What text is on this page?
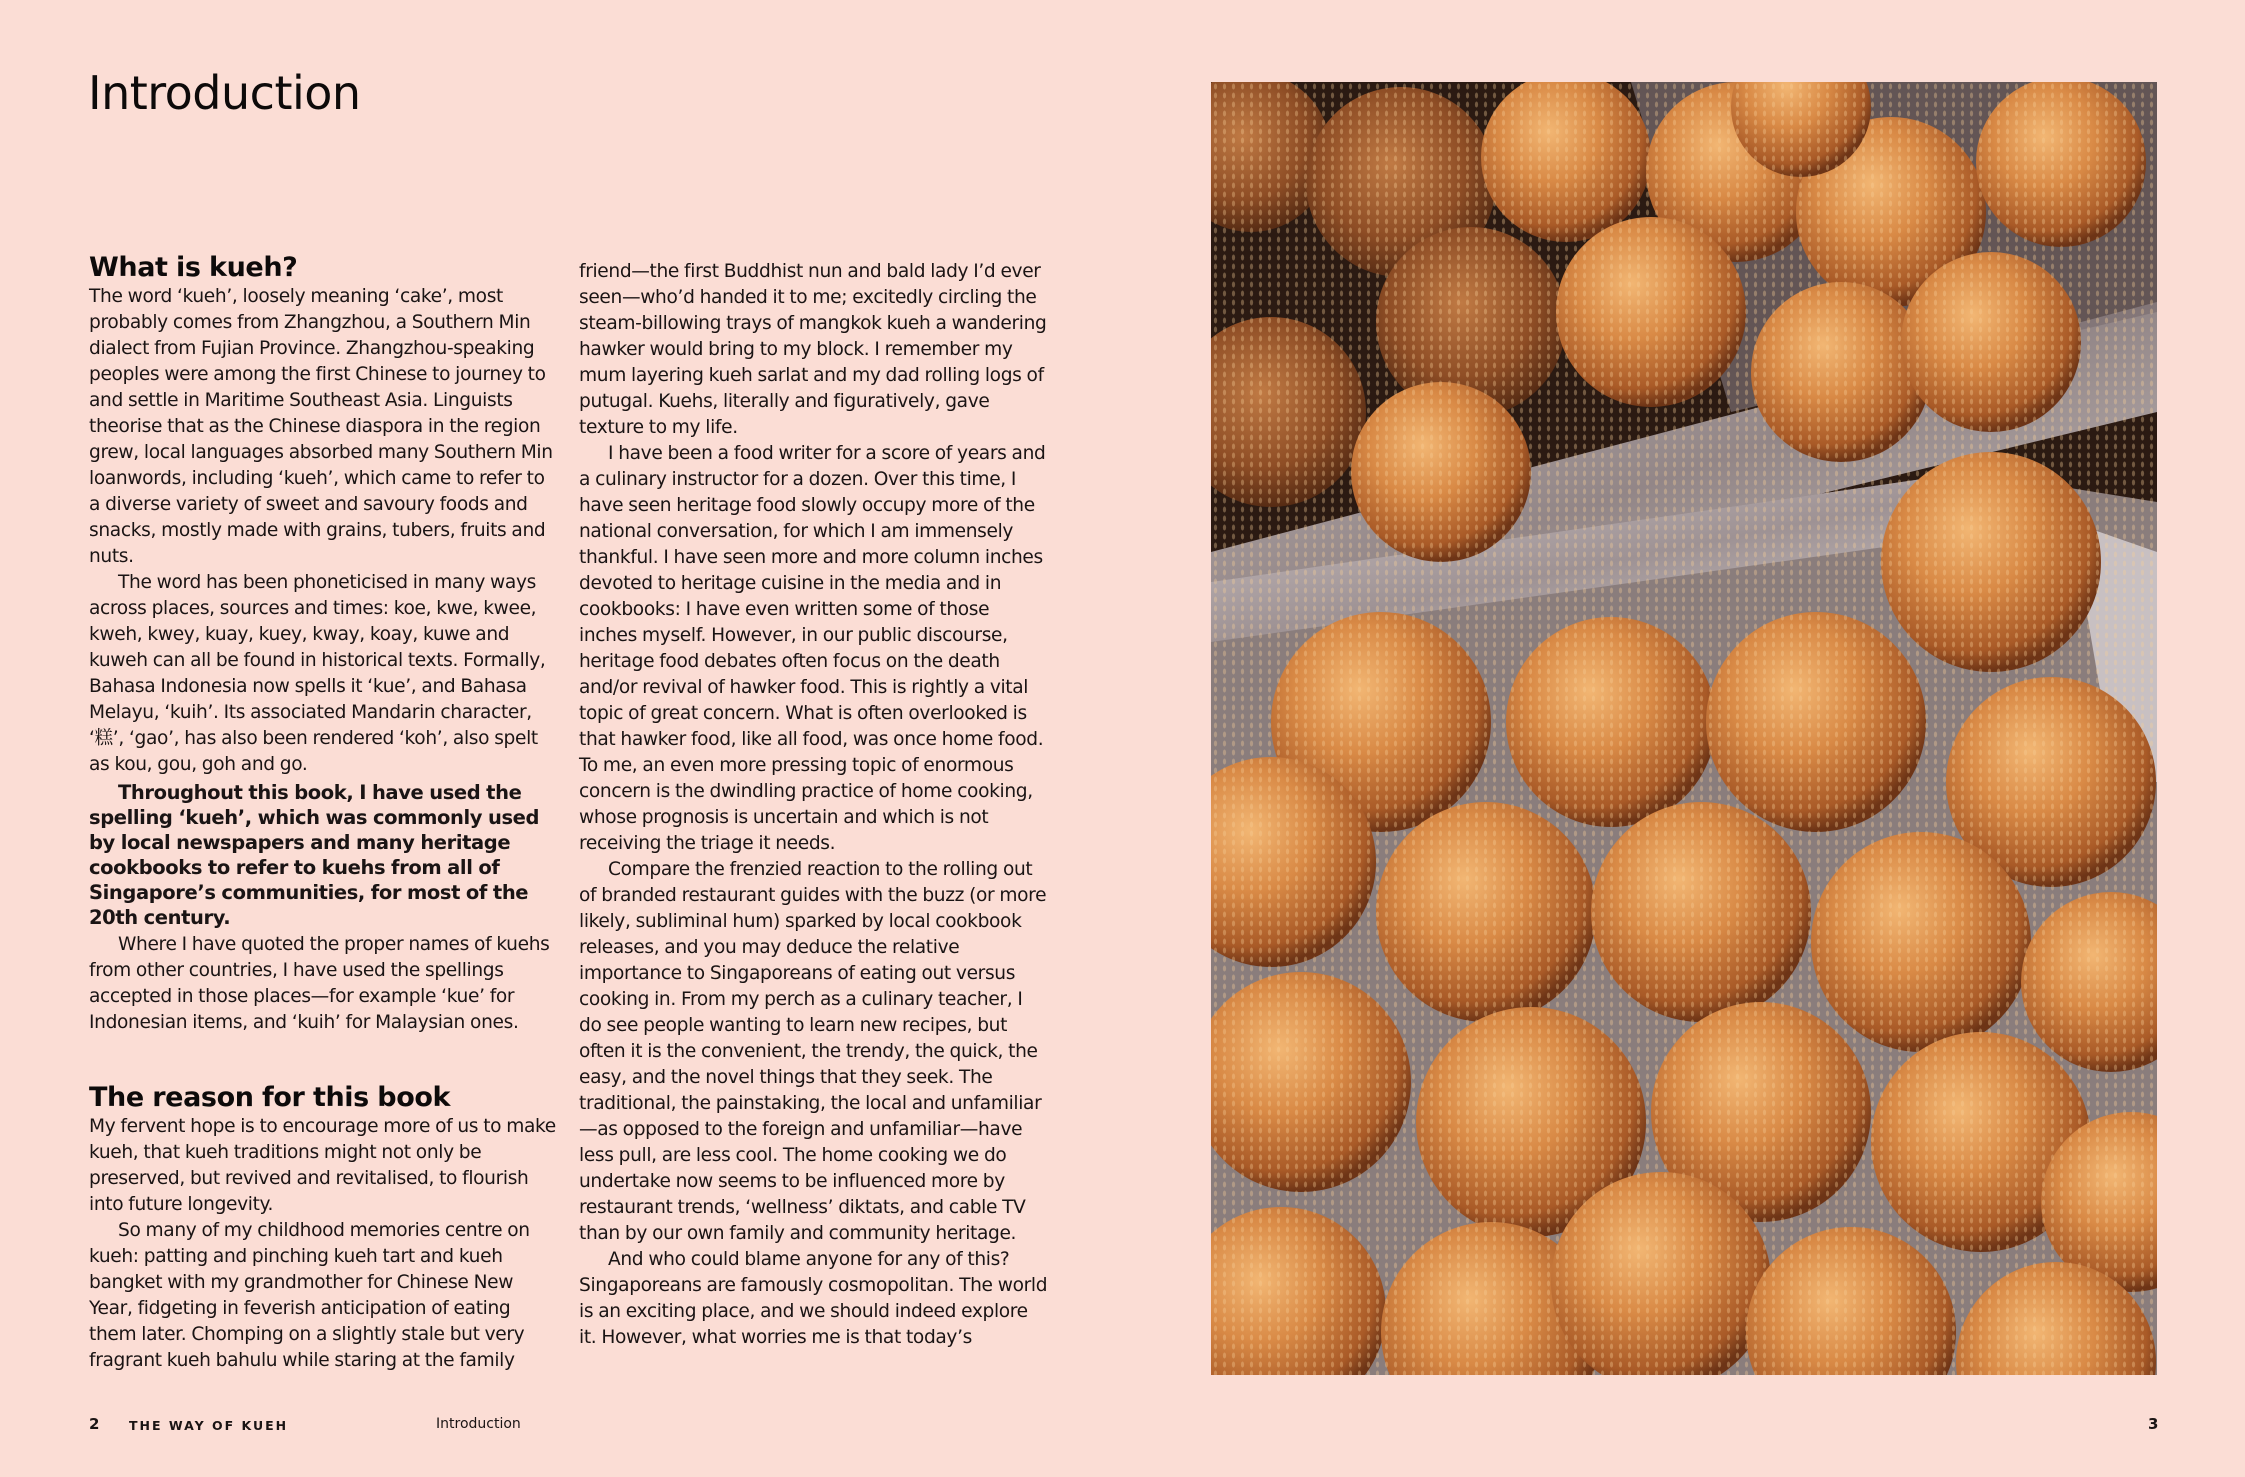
Introduction
What is kueh?

The word ‘kueh’, loosely meaning ‘cake’, most probably comes from Zhangzhou, a Southern Min dialect from Fujian Province. Zhangzhou-speaking peoples were among the first Chinese to journey to and settle in Maritime Southeast Asia. Linguists theorise that as the Chinese diaspora in the region grew, local languages absorbed many Southern Min loanwords, including ‘kueh’, which came to refer to a diverse variety of sweet and savoury foods and snacks, mostly made with grains, tubers, fruits and nuts.

The word has been phoneticised in many ways across places, sources and times: koe, kwe, kwee, kweh, kwey, kuay, kuey, kway, koay, kuwe and kuweh can all be found in historical texts. Formally, Bahasa Indonesia now spells it ‘kue’, and Bahasa Melayu, ‘kuih’. Its associated Mandarin character, ‘糕’, ‘gao’, has also been rendered ‘koh’, also spelt as kou, gou, goh and go.

Throughout this book, I have used the spelling ‘kueh’, which was commonly used by local newspapers and many heritage cookbooks to refer to kuehs from all of Singapore’s communities, for most of the 20th century.

Where I have quoted the proper names of kuehs from other countries, I have used the spellings accepted in those places—for example ‘kue’ for Indonesian items, and ‘kuih’ for Malaysian ones.

The reason for this book

My fervent hope is to encourage more of us to make kueh, that kueh traditions might not only be preserved, but revived and revitalised, to flourish into future longevity.

So many of my childhood memories centre on kueh: patting and pinching kueh tart and kueh bangket with my grandmother for Chinese New Year, fidgeting in feverish anticipation of eating them later. Chomping on a slightly stale but very fragrant kueh bahulu while staring at the family

friend—the first Buddhist nun and bald lady I’d ever seen—who’d handed it to me; excitedly circling the steam-billowing trays of mangkok kueh a wandering hawker would bring to my block. I remember my mum layering kueh sarlat and my dad rolling logs of putugal. Kuehs, literally and figuratively, gave texture to my life.

I have been a food writer for a score of years and a culinary instructor for a dozen. Over this time, I have seen heritage food slowly occupy more of the national conversation, for which I am immensely thankful. I have seen more and more column inches devoted to heritage cuisine in the media and in cookbooks: I have even written some of those inches myself. However, in our public discourse, heritage food debates often focus on the death and/or revival of hawker food. This is rightly a vital topic of great concern. What is often overlooked is that hawker food, like all food, was once home food. To me, an even more pressing topic of enormous concern is the dwindling practice of home cooking, whose prognosis is uncertain and which is not receiving the triage it needs.

Compare the frenzied reaction to the rolling out of branded restaurant guides with the buzz (or more likely, subliminal hum) sparked by local cookbook releases, and you may deduce the relative importance to Singaporeans of eating out versus cooking in. From my perch as a culinary teacher, I do see people wanting to learn new recipes, but often it is the convenient, the trendy, the quick, the easy, and the novel things that they seek. The traditional, the painstaking, the local and unfamiliar—as opposed to the foreign and unfamiliar—have less pull, are less cool. The home cooking we do undertake now seems to be influenced more by restaurant trends, ‘wellness’ diktats, and cable TV than by our own family and community heritage.

And who could blame anyone for any of this? Singaporeans are famously cosmopolitan. The world is an exciting place, and we should indeed explore it. However, what worries me is that today’s

2 THE WAY OF KUEH	Introduction	3
